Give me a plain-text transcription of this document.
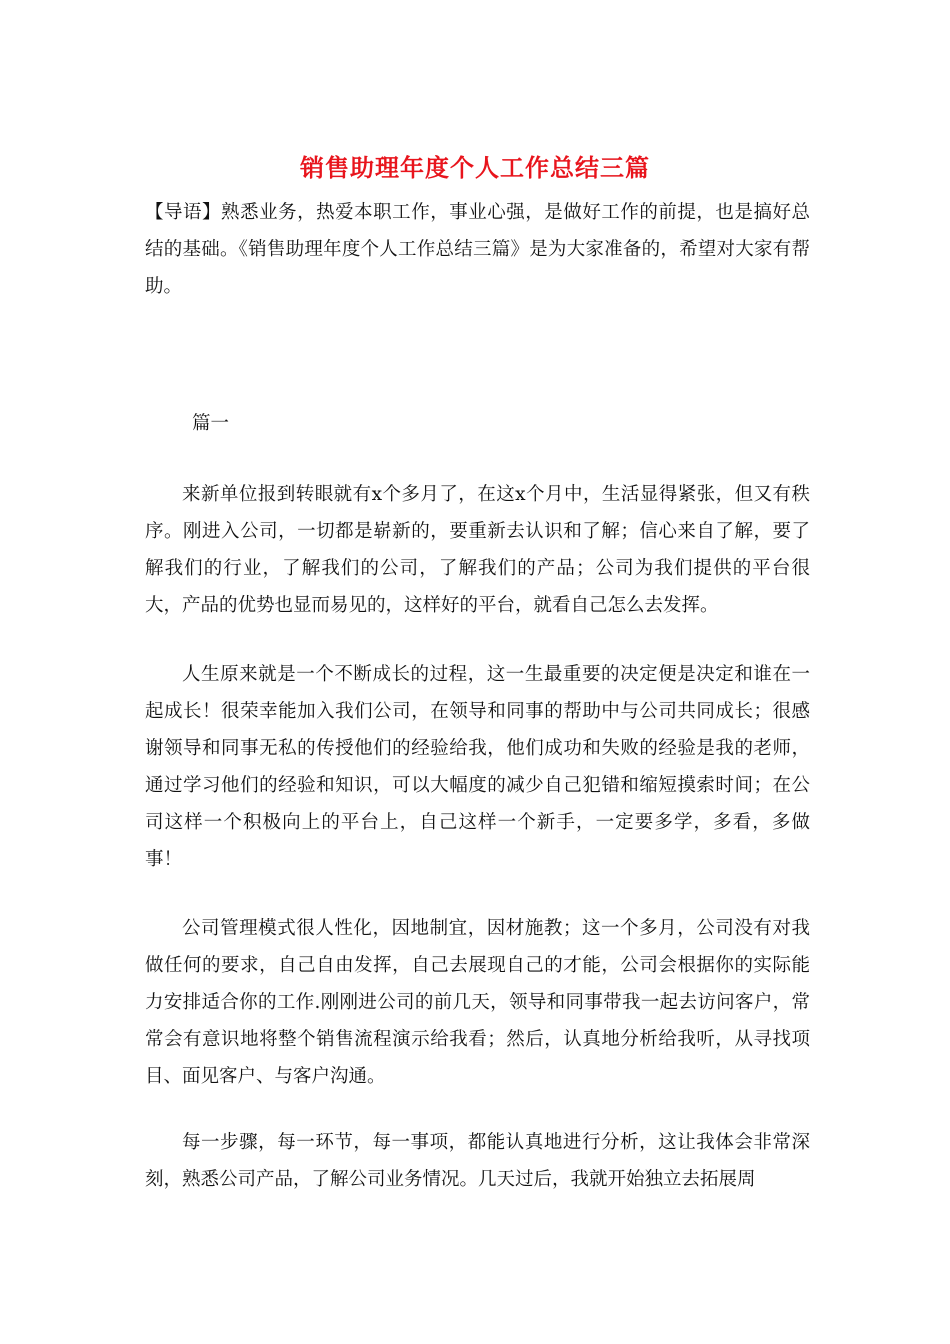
销售助理年度个人工作总结三篇
【导语】熟悉业务，热爱本职工作，事业心强，是做好工作的前提，也是搞好总结的基础。《销售助理年度个人工作总结三篇》是为大家准备的，希望对大家有帮助。
篇一
来新单位报到转眼就有x个多月了，在这x个月中，生活显得紧张，但又有秩序。刚进入公司，一切都是崭新的，要重新去认识和了解；信心来自了解，要了解我们的行业，了解我们的公司，了解我们的产品；公司为我们提供的平台很大，产品的优势也显而易见的，这样好的平台，就看自己怎么去发挥。
人生原来就是一个不断成长的过程，这一生最重要的决定便是决定和谁在一起成长！很荣幸能加入我们公司，在领导和同事的帮助中与公司共同成长；很感谢领导和同事无私的传授他们的经验给我，他们成功和失败的经验是我的老师，通过学习他们的经验和知识，可以大幅度的减少自己犯错和缩短摸索时间；在公司这样一个积极向上的平台上，自己这样一个新手，一定要多学，多看，多做事！
公司管理模式很人性化，因地制宜，因材施教；这一个多月，公司没有对我做任何的要求，自己自由发挥，自己去展现自己的才能，公司会根据你的实际能力安排适合你的工作.刚刚进公司的前几天，领导和同事带我一起去访问客户，常常会有意识地将整个销售流程演示给我看；然后，认真地分析给我听，从寻找项目、面见客户、与客户沟通。
每一步骤，每一环节，每一事项，都能认真地进行分析，这让我体会非常深刻，熟悉公司产品，了解公司业务情况。几天过后，我就开始独立去拓展周
